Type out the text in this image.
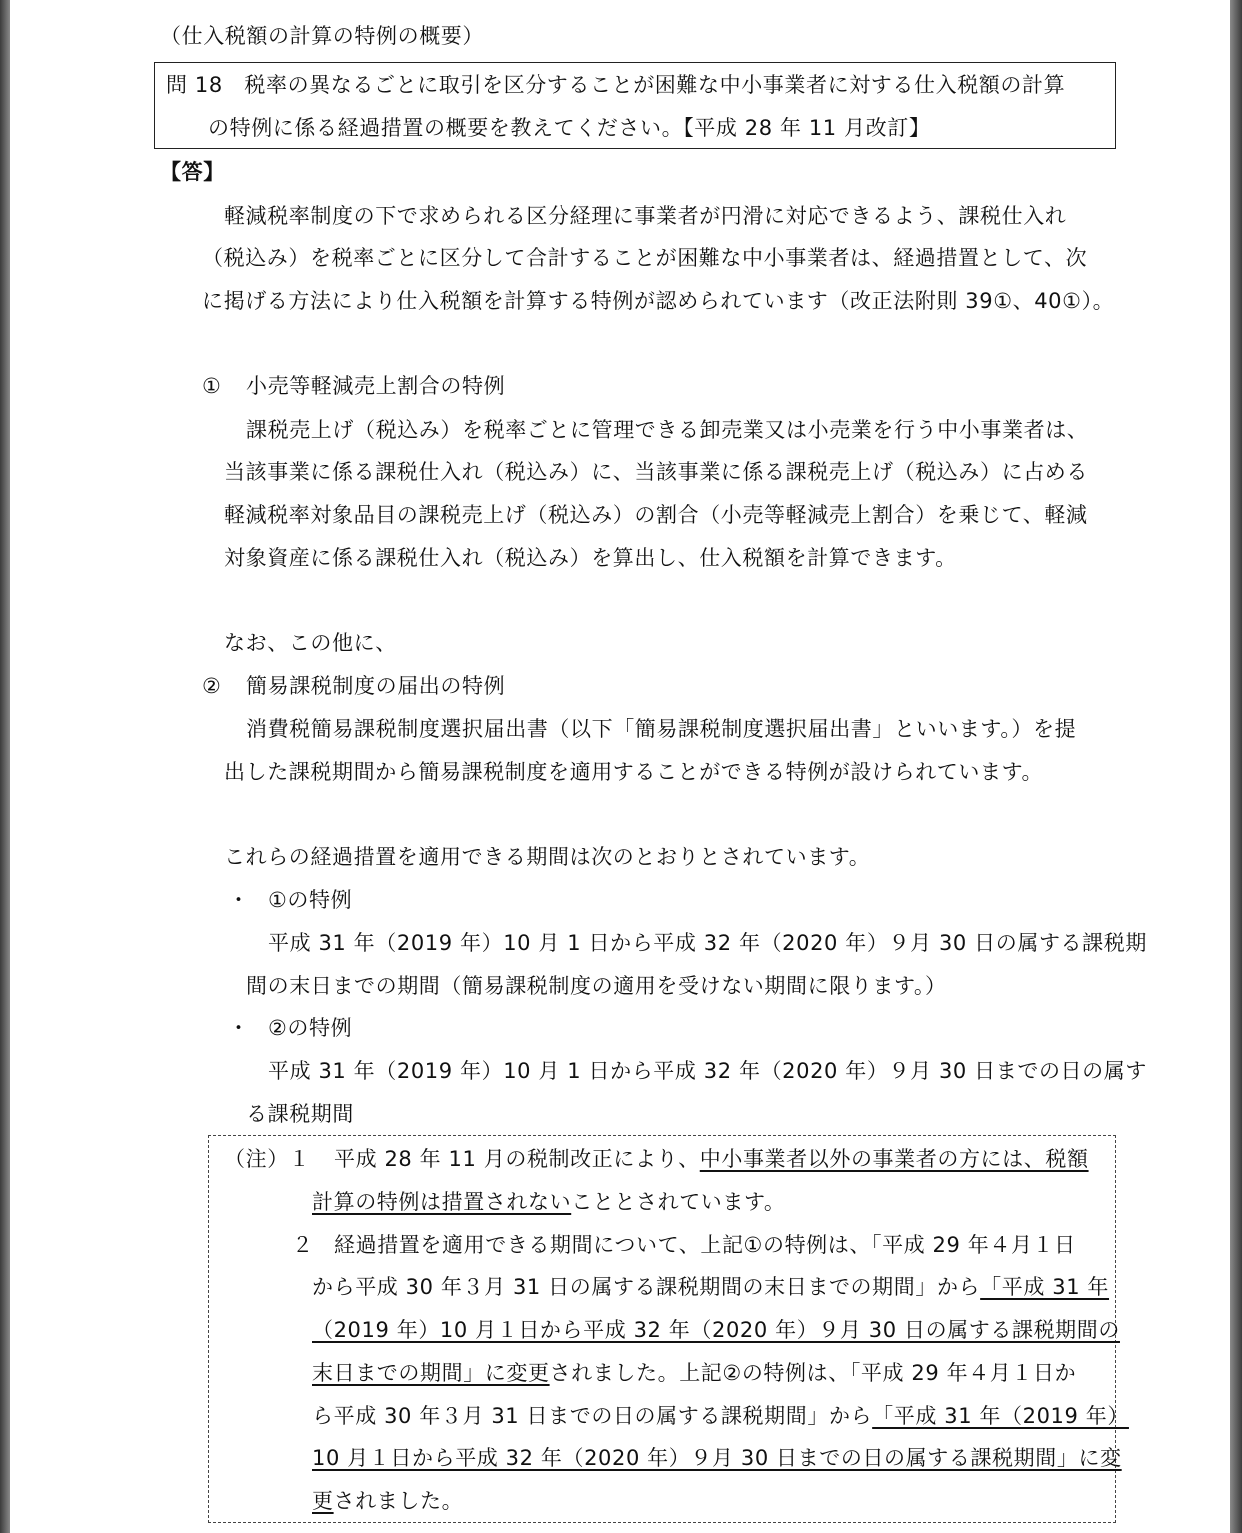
（仕入税額の計算の特例の概要）
問 18　税率の異なるごとに取引を区分することが困難な中小事業者に対する仕入税額の計算
の特例に係る経過措置の概要を教えてください。【平成 28 年 11 月改訂】
【答】
軽減税率制度の下で求められる区分経理に事業者が円滑に対応できるよう、課税仕入れ
（税込み）を税率ごとに区分して合計することが困難な中小事業者は、経過措置として、次
に掲げる方法により仕入税額を計算する特例が認められています（改正法附則 39①、40①）。
① 小売等軽減売上割合の特例
課税売上げ（税込み）を税率ごとに管理できる卸売業又は小売業を行う中小事業者は、
当該事業に係る課税仕入れ（税込み）に、当該事業に係る課税売上げ（税込み）に占める
軽減税率対象品目の課税売上げ（税込み）の割合（小売等軽減売上割合）を乗じて、軽減
対象資産に係る課税仕入れ（税込み）を算出し、仕入税額を計算できます。
なお、この他に、
② 簡易課税制度の届出の特例
消費税簡易課税制度選択届出書（以下「簡易課税制度選択届出書」といいます。）を提
出した課税期間から簡易課税制度を適用することができる特例が設けられています。
これらの経過措置を適用できる期間は次のとおりとされています。
・ ①の特例
平成 31 年（2019 年）10 月 1 日から平成 32 年（2020 年）９月 30 日の属する課税期
間の末日までの期間（簡易課税制度の適用を受けない期間に限ります。）
・ ②の特例
平成 31 年（2019 年）10 月 1 日から平成 32 年（2020 年）９月 30 日までの日の属す
る課税期間
（注）１ 平成 28 年 11 月の税制改正により、中小事業者以外の事業者の方には、税額
計算の特例は措置されないこととされています。
２ 経過措置を適用できる期間について、上記①の特例は、「平成 29 年４月１日
から平成 30 年３月 31 日の属する課税期間の末日までの期間」から「平成 31 年
（2019 年）10 月１日から平成 32 年（2020 年）９月 30 日の属する課税期間の
末日までの期間」に変更されました。上記②の特例は、「平成 29 年４月１日か
ら平成 30 年３月 31 日までの日の属する課税期間」から「平成 31 年（2019 年）
10 月１日から平成 32 年（2020 年）９月 30 日までの日の属する課税期間」に変
更されました。
